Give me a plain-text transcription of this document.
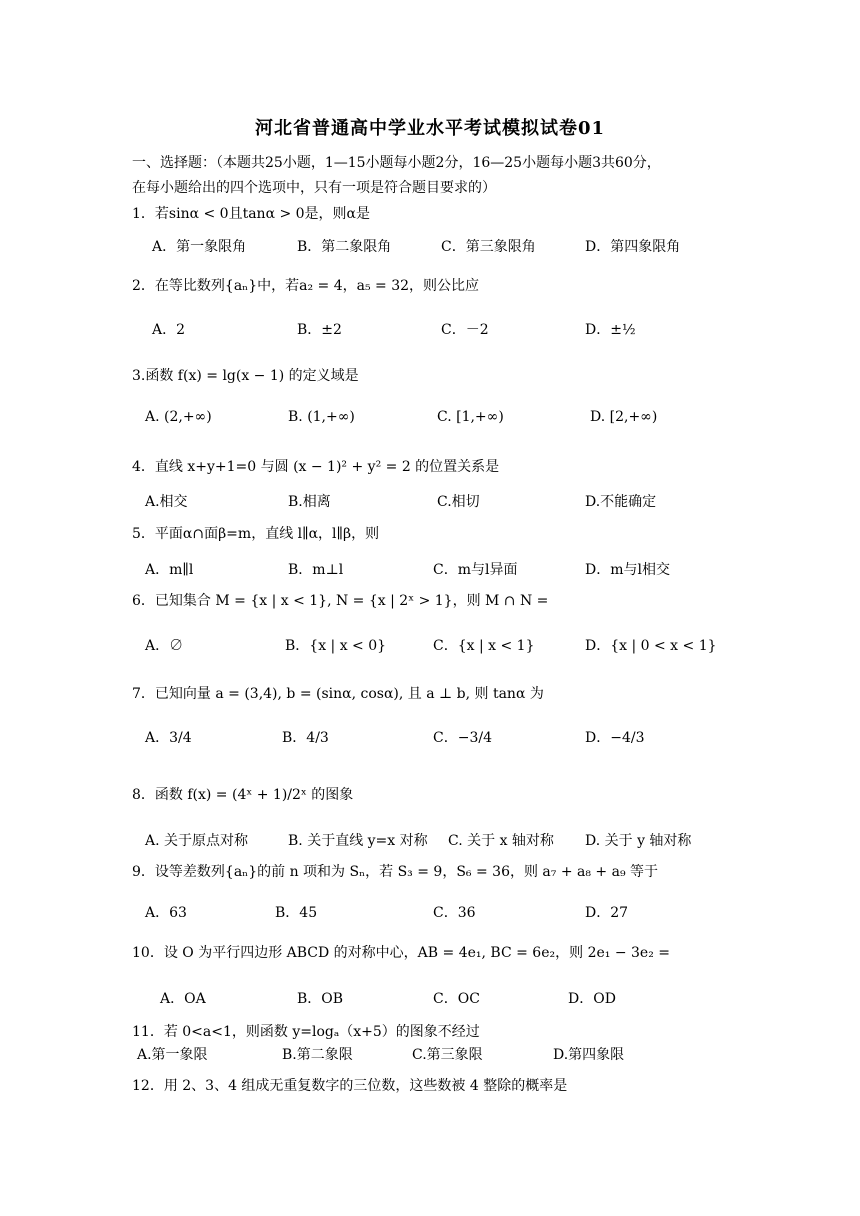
河北省普通高中学业水平考试模拟试卷01
一、选择题：（本题共25小题，1—15小题每小题2分，16—25小题每小题3共60分，
在每小题给出的四个选项中，只有一项是符合题目要求的）
1．若sinα < 0且tanα > 0是，则α是
A．第一象限角	B．第二象限角	C．第三象限角	D．第四象限角
2．在等比数列{aₙ}中，若a₂ = 4，a₅ = 32，则公比应
A．2	B．±2	C．－2	D．±½
3.函数 f(x) = lg(x − 1) 的定义域是
A. (2,+∞)	B. (1,+∞)	C. [1,+∞)	D. [2,+∞)
4．直线 x+y+1=0 与圆 (x − 1)² + y² = 2 的位置关系是
A.相交	B.相离	C.相切	D.不能确定
5．平面α∩面β=m，直线 l∥α，l∥β，则
A．m∥l	B．m⊥l	C．m与l异面	D．m与l相交
6．已知集合 M = {x | x < 1}, N = {x | 2ˣ > 1}，则 M ∩ N =
A．∅	B．{x | x < 0}	C．{x | x < 1}	D．{x | 0 < x < 1}
7．已知向量 a = (3,4), b = (sinα, cosα), 且 a ⊥ b, 则 tanα 为
A．3/4	B．4/3	C．−3/4	D．−4/3
8．函数 f(x) = (4ˣ + 1)/2ˣ 的图象
A. 关于原点对称	B. 关于直线 y=x 对称 C. 关于 x 轴对称 D. 关于 y 轴对称
9．设等差数列{aₙ}的前 n 项和为 Sₙ，若 S₃ = 9，S₆ = 36，则 a₇ + a₈ + a₉ 等于
A．63	B．45	C．36	D．27
10．设 O 为平行四边形 ABCD 的对称中心，AB = 4e₁, BC = 6e₂，则 2e₁ − 3e₂ =
A．OA	B．OB	C．OC	D．OD
11．若 0<a<1，则函数 y=logₐ（x+5）的图象不经过
A.第一象限	B.第二象限	C.第三象限	D.第四象限
12．用 2、3、4 组成无重复数字的三位数，这些数被 4 整除的概率是
